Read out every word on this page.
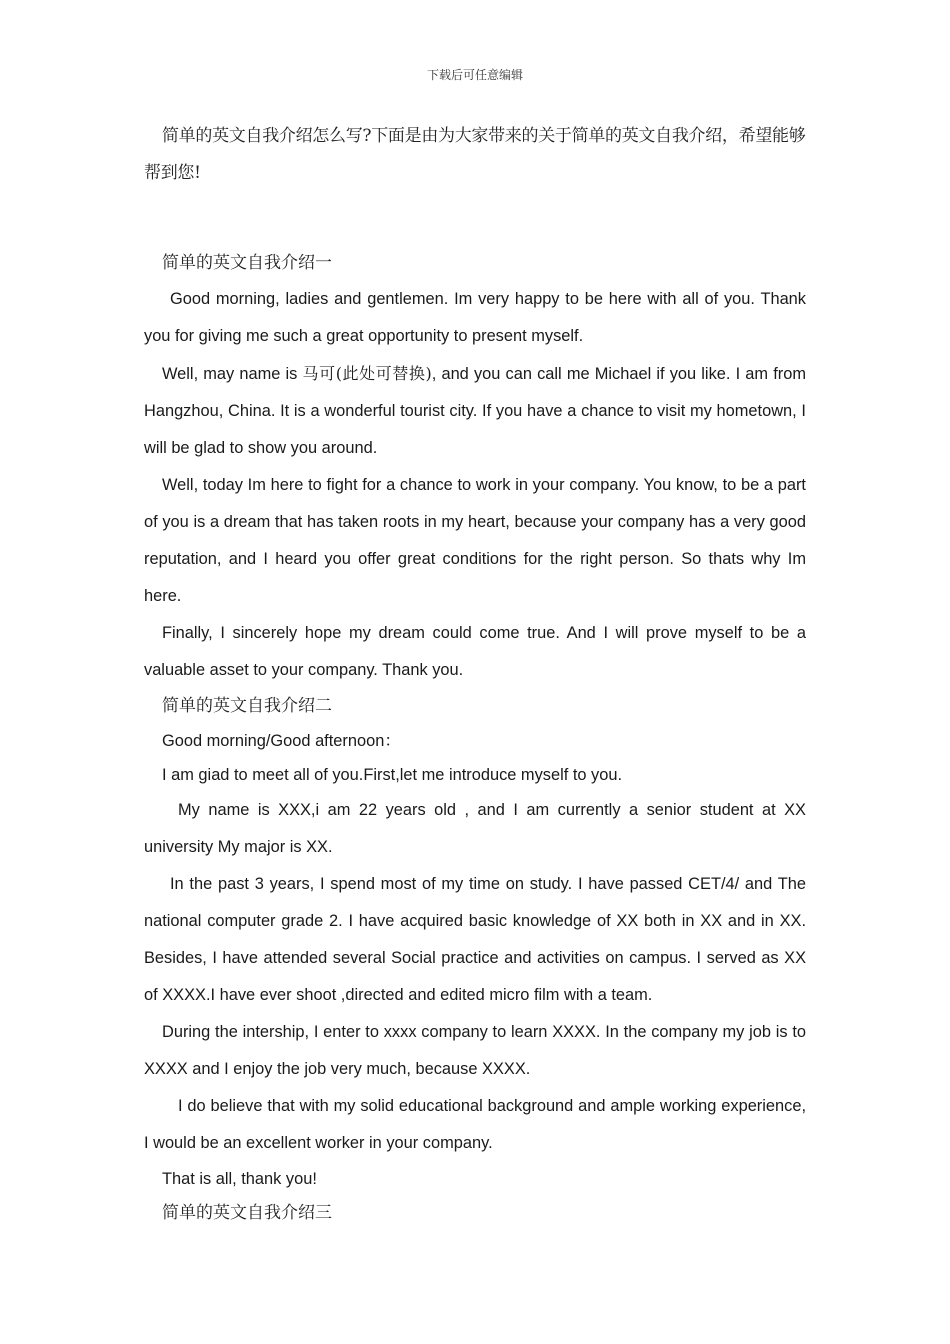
下载后可任意编辑

简单的英文自我介绍怎么写?下面是由为大家带来的关于简单的英文自我介绍，希望能够帮到您!

简单的英文自我介绍一

Good morning, ladies and gentlemen. Im very happy to be here with all of you. Thank you for giving me such a great opportunity to present myself.

Well, may name is 马可(此处可替换), and you can call me Michael if you like. I am from Hangzhou, China. It is a wonderful tourist city. If you have a chance to visit my hometown, I will be glad to show you around.

Well, today Im here to fight for a chance to work in your company. You know, to be a part of you is a dream that has taken roots in my heart, because your company has a very good reputation, and I heard you offer great conditions for the right person. So thats why Im here.

Finally, I sincerely hope my dream could come true. And I will prove myself to be a valuable asset to your company. Thank you.

简单的英文自我介绍二

Good morning/Good afternoon：

I am giad to meet all of you.First,let me introduce myself to you.

My name is XXX,i am 22 years old , and I am currently a senior student at XX university My major is XX.

In the past 3 years, I spend most of my time on study. I have passed CET/4/ and The national computer grade 2. I have acquired basic knowledge of XX both in XX and in XX. Besides, I have attended several Social practice and activities on campus. I served as XX of XXXX.I have ever shoot ,directed and edited micro film with a team.

During the intership, I enter to xxxx company to learn XXXX. In the company my job is to XXXX and I enjoy the job very much, because XXXX.

I do believe that with my solid educational background and ample working experience, I would be an excellent worker in your company.

That is all, thank you!

简单的英文自我介绍三
